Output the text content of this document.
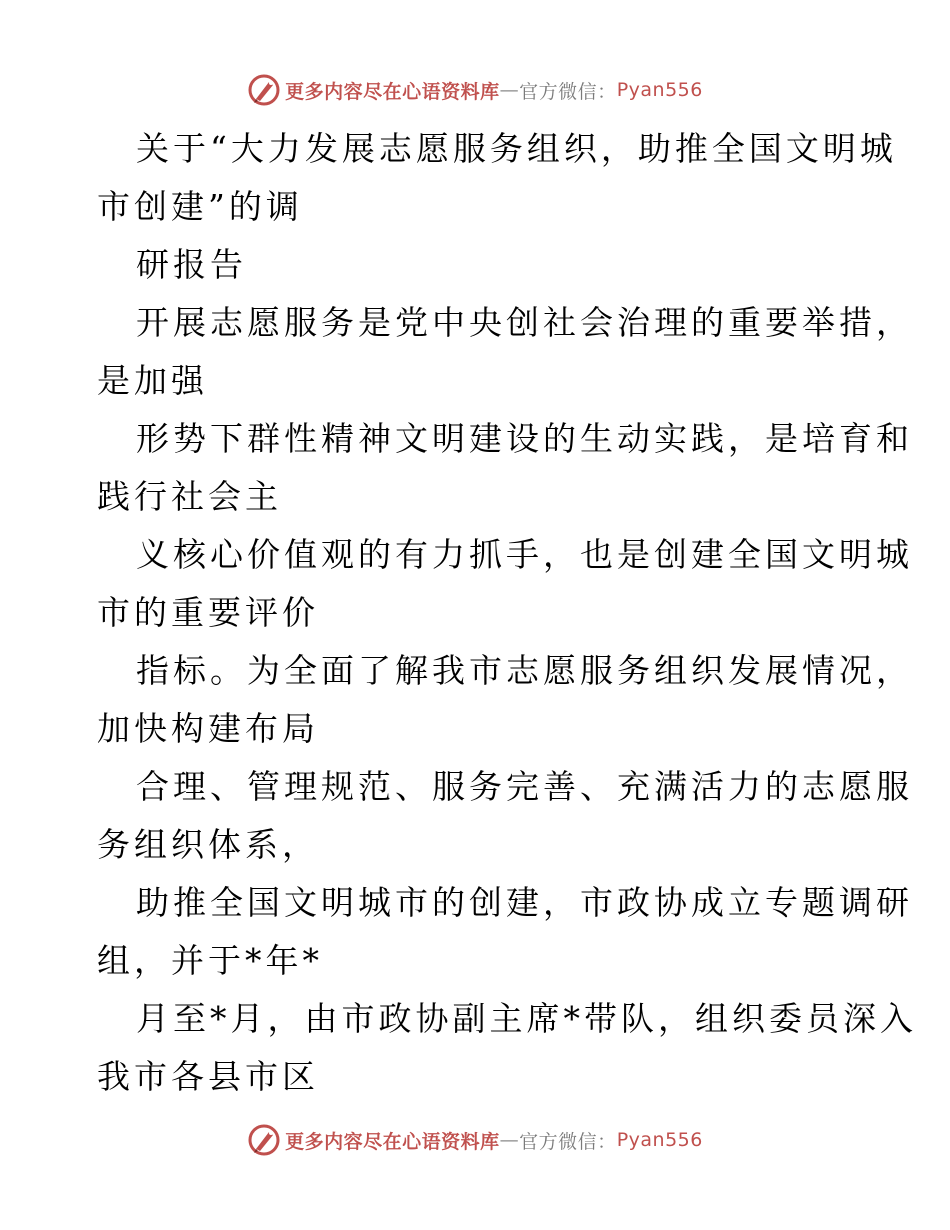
更多内容尽在心语资料库 — 官方微信： Pyan556
关于“大力发展志愿服务组织，助推全国文明城
市创建”的调
研报告
开展志愿服务是党中央创社会治理的重要举措，
是加强
形势下群性精神文明建设的生动实践，是培育和
践行社会主
义核心价值观的有力抓手，也是创建全国文明城
市的重要评价
指标。为全面了解我市志愿服务组织发展情况，
加快构建布局
合理、管理规范、服务完善、充满活力的志愿服
务组织体系，
助推全国文明城市的创建，市政协成立专题调研
组，并于*年*
月至*月，由市政协副主席*带队，组织委员深入
我市各县市区
更多内容尽在心语资料库 — 官方微信： Pyan556
